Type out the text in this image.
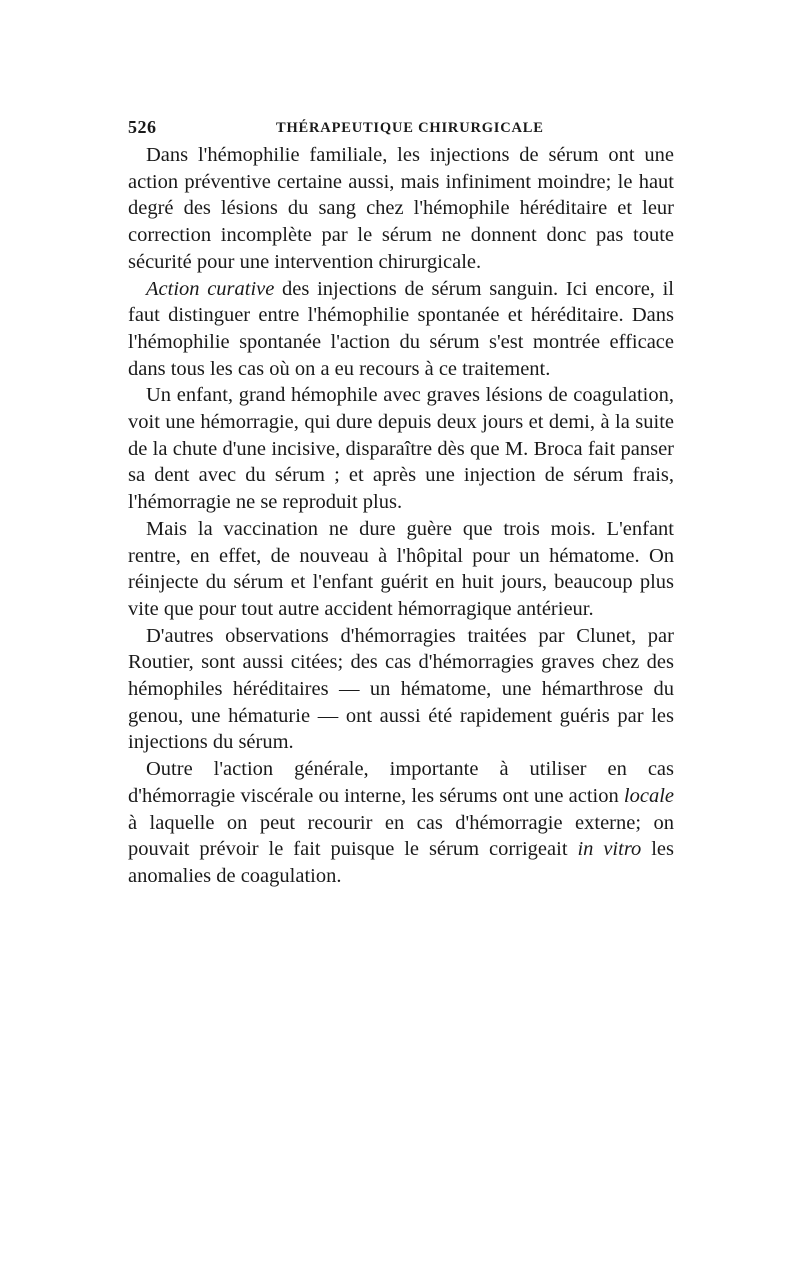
526	THÉRAPEUTIQUE CHIRURGICALE

Dans l'hémophilie familiale, les injections de sérum ont une action préventive certaine aussi, mais infiniment moindre; le haut degré des lésions du sang chez l'hémophile héréditaire et leur correction incomplète par le sérum ne donnent donc pas toute sécurité pour une intervention chirurgicale.

Action curative des injections de sérum sanguin. Ici encore, il faut distinguer entre l'hémophilie spontanée et héréditaire. Dans l'hémophilie spontanée l'action du sérum s'est montrée efficace dans tous les cas où on a eu recours à ce traitement.

Un enfant, grand hémophile avec graves lésions de coagulation, voit une hémorragie, qui dure depuis deux jours et demi, à la suite de la chute d'une incisive, disparaître dès que M. Broca fait panser sa dent avec du sérum ; et après une injection de sérum frais, l'hémorragie ne se reproduit plus.

Mais la vaccination ne dure guère que trois mois. L'enfant rentre, en effet, de nouveau à l'hôpital pour un hématome. On réinjecte du sérum et l'enfant guérit en huit jours, beaucoup plus vite que pour tout autre accident hémorragique antérieur.

D'autres observations d'hémorragies traitées par Clunet, par Routier, sont aussi citées; des cas d'hémorragies graves chez des hémophiles héréditaires — un hématome, une hémarthrose du genou, une hématurie — ont aussi été rapidement guéris par les injections du sérum.

Outre l'action générale, importante à utiliser en cas d'hémorragie viscérale ou interne, les sérums ont une action locale à laquelle on peut recourir en cas d'hémorragie externe; on pouvait prévoir le fait puisque le sérum corrigeait in vitro les anomalies de coagulation.
